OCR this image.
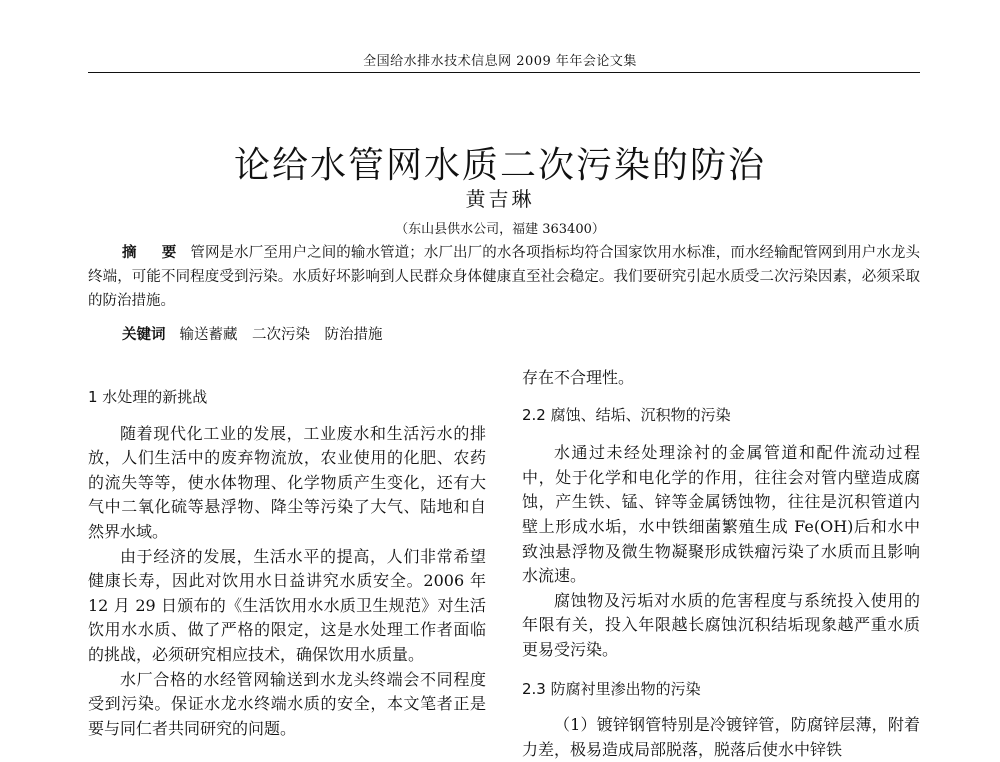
全国给水排水技术信息网 2009 年年会论文集
论给水管网水质二次污染的防治
黄吉琳
（东山县供水公司，福建 363400）

摘 要 管网是水厂至用户之间的输水管道；水厂出厂的水各项指标均符合国家饮用水标准，而水经输配管网到用户水龙头终端，可能不同程度受到污染。水质好坏影响到人民群众身体健康直至社会稳定。我们要研究引起水质受二次污染因素，必须采取的防治措施。

关键词 输送蓄藏　二次污染　防治措施

1 水处理的新挑战

随着现代化工业的发展，工业废水和生活污水的排放，人们生活中的废弃物流放，农业使用的化肥、农药的流失等等，使水体物理、化学物质产生变化，还有大气中二氧化硫等悬浮物、降尘等污染了大气、陆地和自然界水域。

由于经济的发展，生活水平的提高，人们非常希望健康长寿，因此对饮用水日益讲究水质安全。2006 年 12 月 29 日颁布的《生活饮用水水质卫生规范》对生活饮用水水质、做了严格的限定，这是水处理工作者面临的挑战，必须研究相应技术，确保饮用水质量。

水厂合格的水经管网输送到水龙头终端会不同程度受到污染。保证水龙水终端水质的安全，本文笔者正是要与同仁者共同研究的问题。

存在不合理性。

2.2 腐蚀、结垢、沉积物的污染

水通过未经处理涂衬的金属管道和配件流动过程中，处于化学和电化学的作用，往往会对管内壁造成腐蚀，产生铁、锰、锌等金属锈蚀物，往往是沉积管道内壁上形成水垢，水中铁细菌繁殖生成 Fe(OH)后和水中致浊悬浮物及微生物凝聚形成铁瘤污染了水质而且影响水流速。

腐蚀物及污垢对水质的危害程度与系统投入使用的年限有关，投入年限越长腐蚀沉积结垢现象越严重水质更易受污染。

2.3 防腐衬里渗出物的污染

（1）镀锌钢管特别是冷镀锌管，防腐锌层薄，附着力差，极易造成局部脱落，脱落后使水中锌铁
